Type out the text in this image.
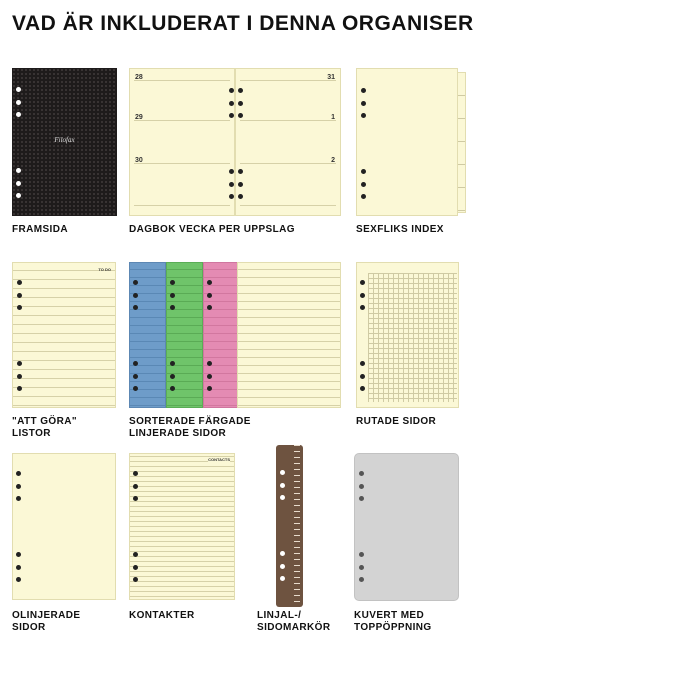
VAD ÄR INKLUDERAT I DENNA ORGANISER
Filofax
FRAMSIDA
28
29
30
31
1
2
DAGBOK VECKA PER UPPSLAG	SEXFLIKS INDEX
TO DO
"ATT GÖRA"
LISTOR
SORTERADE FÄRGADE
LINJERADE SIDOR
RUTADE SIDOR
OLINJERADE
SIDOR
CONTACTS
KONTAKTER	LINJAL-/
SIDOMARKÖR
KUVERT MED
TOPPÖPPNING
